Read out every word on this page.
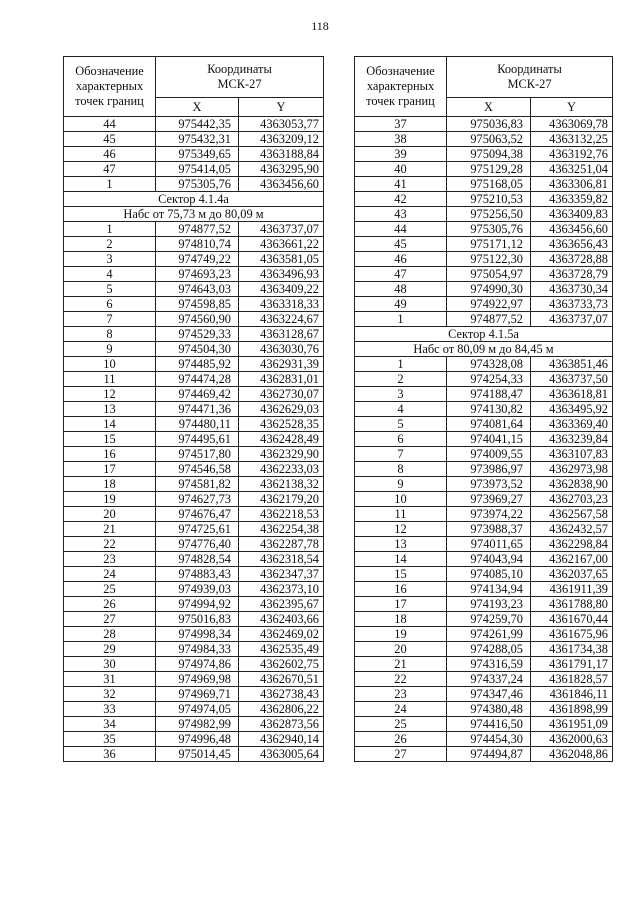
118
Обозначение
характерных
точек границ	Координаты
МСК-27	
	X	Y
44	975442,35	4363053,77
45	975432,31	4363209,12
46	975349,65	4363188,84
47	975414,05	4363295,90
1	975305,76	4363456,60
Сектор 4.1.4а		
Набс от 75,73 м до 80,09 м		
1	974877,52	4363737,07
2	974810,74	4363661,22
3	974749,22	4363581,05
4	974693,23	4363496,93
5	974643,03	4363409,22
6	974598,85	4363318,33
7	974560,90	4363224,67
8	974529,33	4363128,67
9	974504,30	4363030,76
10	974485,92	4362931,39
11	974474,28	4362831,01
12	974469,42	4362730,07
13	974471,36	4362629,03
14	974480,11	4362528,35
15	974495,61	4362428,49
16	974517,80	4362329,90
17	974546,58	4362233,03
18	974581,82	4362138,32
19	974627,73	4362179,20
20	974676,47	4362218,53
21	974725,61	4362254,38
22	974776,40	4362287,78
23	974828,54	4362318,54
24	974883,43	4362347,37
25	974939,03	4362373,10
26	974994,92	4362395,67
27	975016,83	4362403,66
28	974998,34	4362469,02
29	974984,33	4362535,49
30	974974,86	4362602,75
31	974969,98	4362670,51
32	974969,71	4362738,43
33	974974,05	4362806,22
34	974982,99	4362873,56
35	974996,48	4362940,14
36	975014,45	4363005,64
Обозначение
характерных
точек границ	Координаты
МСК-27	
	X	Y
37	975036,83	4363069,78
38	975063,52	4363132,25
39	975094,38	4363192,76
40	975129,28	4363251,04
41	975168,05	4363306,81
42	975210,53	4363359,82
43	975256,50	4363409,83
44	975305,76	4363456,60
45	975171,12	4363656,43
46	975122,30	4363728,88
47	975054,97	4363728,79
48	974990,30	4363730,34
49	974922,97	4363733,73
1	974877,52	4363737,07
Сектор 4.1.5а		
Набс от 80,09 м до 84,45 м		
1	974328,08	4363851,46
2	974254,33	4363737,50
3	974188,47	4363618,81
4	974130,82	4363495,92
5	974081,64	4363369,40
6	974041,15	4363239,84
7	974009,55	4363107,83
8	973986,97	4362973,98
9	973973,52	4362838,90
10	973969,27	4362703,23
11	973974,22	4362567,58
12	973988,37	4362432,57
13	974011,65	4362298,84
14	974043,94	4362167,00
15	974085,10	4362037,65
16	974134,94	4361911,39
17	974193,23	4361788,80
18	974259,70	4361670,44
19	974261,99	4361675,96
20	974288,05	4361734,38
21	974316,59	4361791,17
22	974337,24	4361828,57
23	974347,46	4361846,11
24	974380,48	4361898,99
25	974416,50	4361951,09
26	974454,30	4362000,63
27	974494,87	4362048,86
